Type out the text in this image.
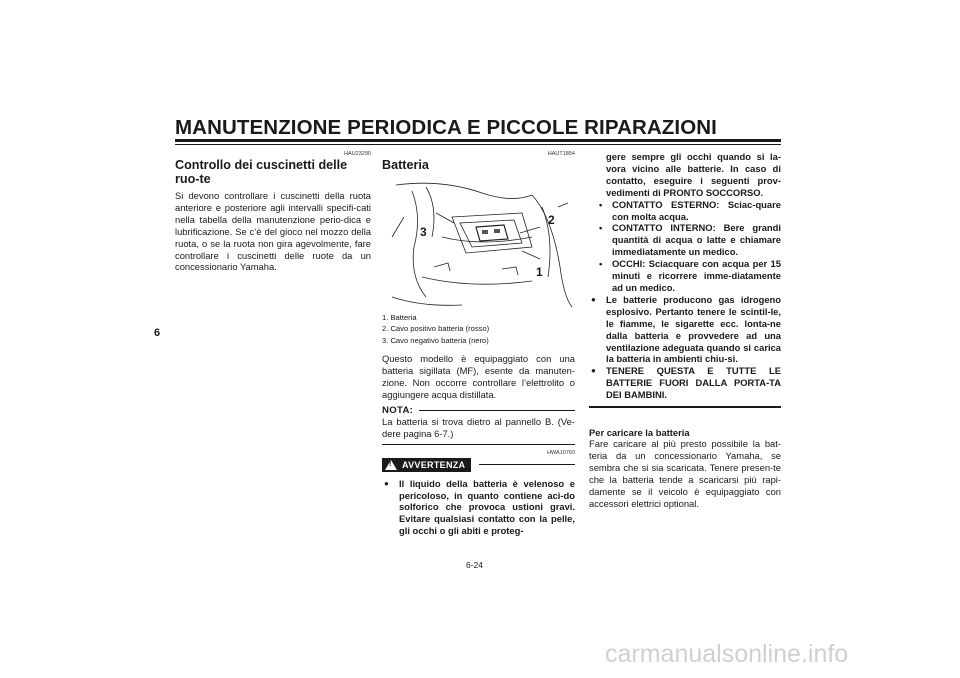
MANUTENZIONE PERIODICA E PICCOLE RIPARAZIONI
6
HAU23290
Controllo dei cuscinetti delle ruo-te

Si devono controllare i cuscinetti della ruota anteriore e posteriore agli intervalli specifi-cati nella tabella della manutenzione perio-dica e lubrificazione. Se c’è del gioco nel mozzo della ruota, o se la ruota non gira agevolmente, fare controllare i cuscinetti delle ruote da un concessionario Yamaha.

HAUT1854
Batteria
2
3
1
1. Batteria
2. Cavo positivo batteria (rosso)
3. Cavo negativo batteria (nero)

Questo modello è equipaggiato con una batteria sigillata (MF), esente da manuten-zione. Non occorre controllare l’elettrolito o aggiungere acqua distillata.

NOTA:

La batteria si trova dietro al pannello B. (Ve-dere pagina 6-7.)

HWA10760
! AVVERTENZA

● Il liquido della batteria è velenoso e pericoloso, in quanto contiene aci-do solforico che provoca ustioni gravi. Evitare qualsiasi contatto con la pelle, gli occhi o gli abiti e proteg-

gere sempre gli occhi quando si la-vora vicino alle batterie. In caso di contatto, eseguire i seguenti prov-vedimenti di PRONTO SOCCORSO.

• CONTATTO ESTERNO: Sciac-quare con molta acqua.

• CONTATTO INTERNO: Bere grandi quantità di acqua o latte e chiamare immediatamente un medico.

• OCCHI: Sciacquare con acqua per 15 minuti e ricorrere imme-diatamente ad un medico.

● Le batterie producono gas idrogeno esplosivo. Pertanto tenere le scintil-le, le fiamme, le sigarette ecc. lonta-ne dalla batteria e provvedere ad una ventilazione adeguata quando si carica la batteria in ambienti chiu-si.

● TENERE QUESTA E TUTTE LE BATTERIE FUORI DALLA PORTA-TA DEI BAMBINI.

Per caricare la batteria

Fare caricare al più presto possibile la bat-teria da un concessionario Yamaha, se sembra che si sia scaricata. Tenere presen-te che la batteria tende a scaricarsi più rapi-damente se il veicolo è equipaggiato con accessori elettrici optional.

6-24
carmanualsonline.info
